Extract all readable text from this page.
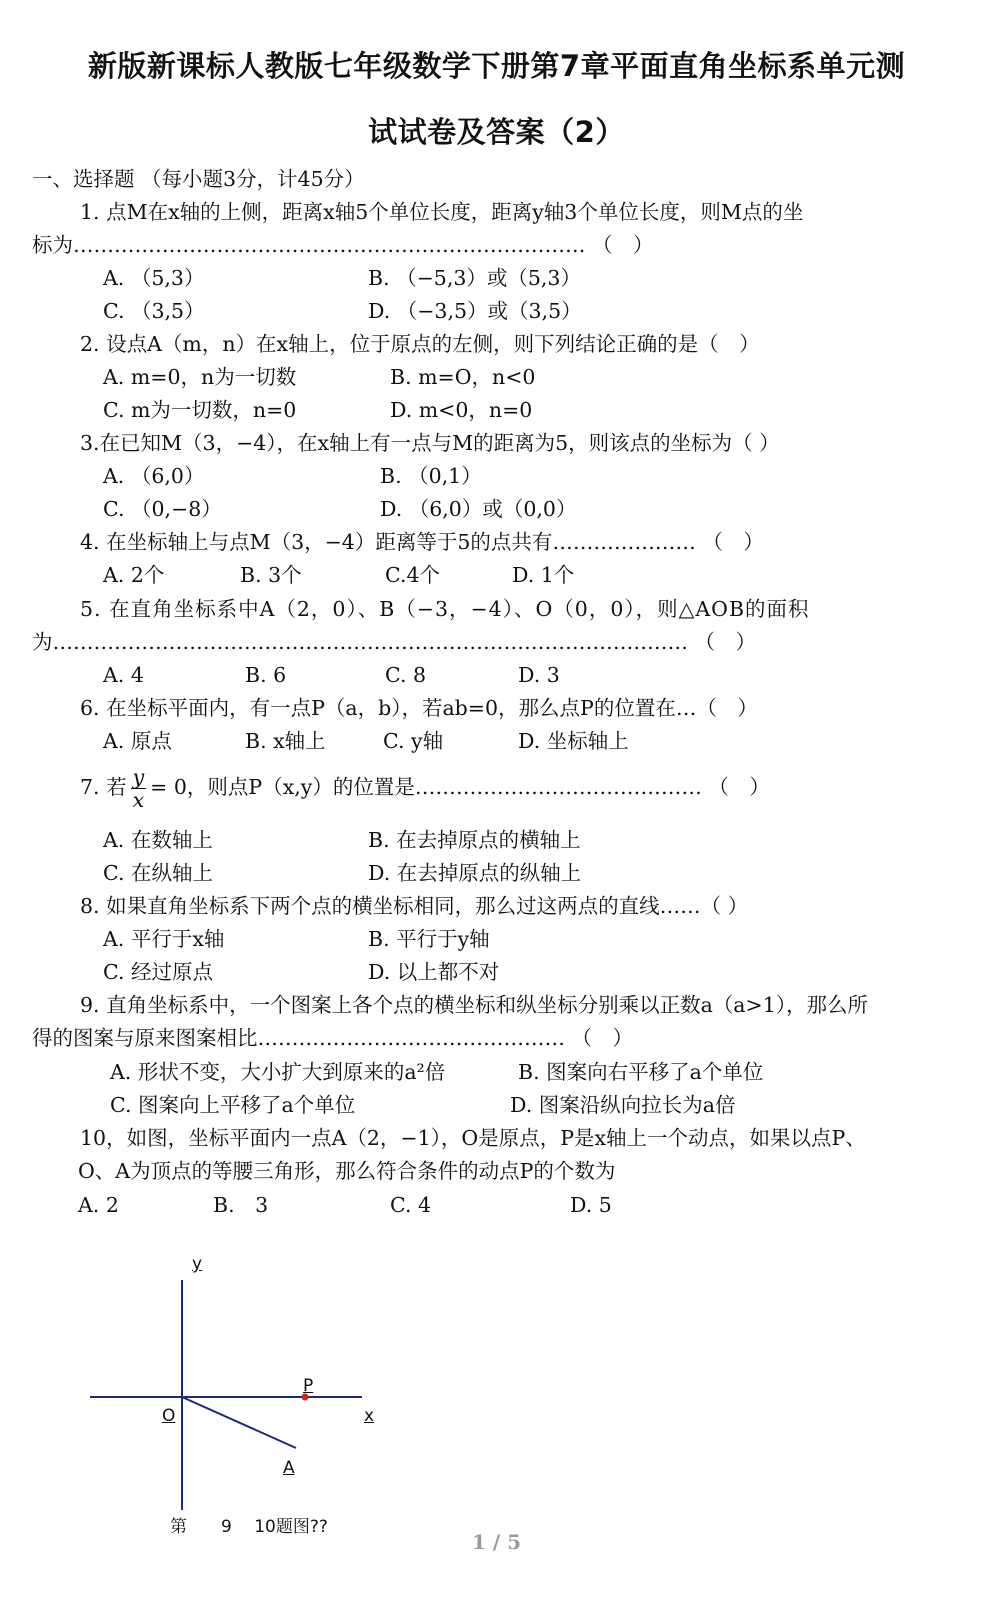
新版新课标人教版七年级数学下册第7章平面直角坐标系单元测
试试卷及答案（2）
一、选择题 （每小题3分，计45分）
1. 点M在x轴的上侧，距离x轴5个单位长度，距离y轴3个单位长度，则M点的坐
标为………………………………………………………………… （　）
A. （5,3）	B. （−5,3）或（5,3）
C. （3,5）	D. （−3,5）或（3,5）
2. 设点A（m，n）在x轴上，位于原点的左侧，则下列结论正确的是（　）
A. m=0，n为一切数	B. m=O，n<0
C. m为一切数，n=0	D. m<0，n=0
3.在已知M（3，−4），在x轴上有一点与M的距离为5，则该点的坐标为（ ）
A. （6,0）	B. （0,1）
C. （0,−8）	D. （6,0）或（0,0）
4. 在坐标轴上与点M（3，−4）距离等于5的点共有………………… （　）
A. 2个	B. 3个	C.4个	D. 1个
5. 在直角坐标系中A（2，0）、B（−3，−4）、O（0，0），则△AOB的面积
为………………………………………………………………………………… （　）
A. 4	B. 6	C. 8	D. 3
6. 在坐标平面内，有一点P（a，b），若ab=0，那么点P的位置在…（　）
A. 原点	B. x轴上	C. y轴	D. 坐标轴上
7. 若 $\frac{y}{x} = 0$，则点P（x,y）的位置是…………………………………… （　）
A. 在数轴上	B. 在去掉原点的横轴上
C. 在纵轴上	D. 在去掉原点的纵轴上
8. 如果直角坐标系下两个点的横坐标相同，那么过这两点的直线……（ ）
A. 平行于x轴	B. 平行于y轴
C. 经过原点	D. 以上都不对
9. 直角坐标系中，一个图案上各个点的横坐标和纵坐标分别乘以正数a（a>1），那么所
得的图案与原来图案相比……………………………………… （　）
A. 形状不变，大小扩大到原来的a²倍	B. 图案向右平移了a个单位
C. 图案向上平移了a个单位	D. 图案沿纵向拉长为a倍
10，如图，坐标平面内一点A（2，−1），O是原点，P是x轴上一个动点，如果以点P、
O、A为顶点的等腰三角形，那么符合条件的动点P的个数为
A. 2	B.　3	C. 4	D. 5
y
x
O
P
A
第　　9　 10题图??
1 / 5
